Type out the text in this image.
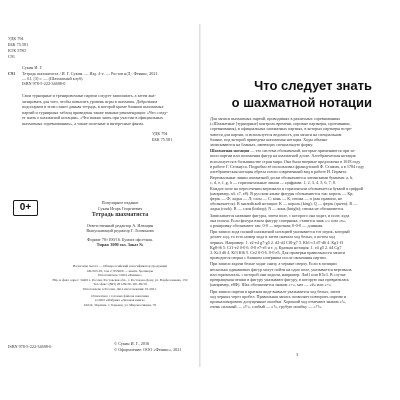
УДК 794
ББК 75.581
КТК 5780
С91
С91
Сукин И. Г.
Тетрадь шахматиста / И. Г. Сукин. — Изд. 4-е. — Ростов н/Д : Феникс, 2021.
— 61, [3] с. — (Шахматный клуб).
ISBN 978-5-222-34698-0
Свои турнирные и тренировочные партии следует записывать, а затем ана-
лизировать для того, чтобы повысить уровень игры в шахматы. Добротным
подспорьем в этом станет данная тетрадь, в которой кроме бланков шахматных
партий и турнирных таблиц приведены также важные рекомендации: «Что следу-
ет знать о шахматной нотации», «Что важно знать при участии в официальных
шахматных соревнованиях», а также полезные и интересные факты.
УДК 794
ББК 75.581
0+	Популярное издание
Сукин Игорь Георгиевич
Тетрадь шахматиста
Ответственный редактор А. Илющин
Выпускающий редактор Г. Логвинова
Формат 70×100/16. Бумага офсетная.
Тираж 3000 экз. Заказ №
Налоговая льгота — Общероссийский классификатор продукции
ОК 005-93, том 2; 953000 — книги, брошюры
Изготовитель: ООО «Феникс»
Юр. и факт. адрес: 344011, Россия, Ростовская обл., г. Ростов-на-Дону, ул. Варфоломеева, 150
Тел./факс: (863) 261-89-50, 261-89-59
Изготовлено в России. Дата изготовления: 01.2021.
Отпечатано с готовых файлов заказчика
в ООО «Фабрика «Деловая книга»
61024, Украина, г. Харьков, ул. Мироносицкая, 79
ISBN 978-5-222-34698-0
© Сукин И. Г., 2016
© Оформление: ООО «Феникс», 2021
Что следует знать
о шахматной нотации
Для записи шахматных партий, проводимых в различных соревнованиях
(«Шахматные [турнирные] контроль времени, игровые партнеры, противники,
соревнования), в официальных шахматных партиях, в которых партнеры встре-
чаются для партии, и используется ведомость для записи на специальном
бланке, под которой приведена шахматная нотация. Ходы обычно
записываются на бланках, имеющих специальную форму.
Шахматная нотация — это система обозначений, которые применяются при за-
писи партии или положения фигур на шахматной доске. Алгебраическая нотация
используется в большинстве стран мира. Она была впервые предложена в 1618 году
в работе Г. Сельнуса. Подробно её использовал французский Ф. Стамма, а в 1784 году
алгебраическая нотация обрела почти современный вид в работе И. Гирвата.
Вертикальные линии шахматной доски обозначаются латинскими буквами: a, b,
c, d, e, f, g, h — горизонтальные линии — цифрами: 1, 2, 3, 4, 5, 6, 7, 8.
Каждое поле на пересечении вертикали и горизонтали обозначается буквой и цифрой
(например, a4, c7, e8). В русском языке фигуры обозначаются так: король — Кр;
ферзь — Ф; ладья — Л; слон — С; конь — К; пешка — п (как правило, не
обозначается). В английской нотации: K — король (king); Q — ферзь (queen); R —
ладья (rook); B — слон (bishop); N — конь (knight); пешка не обозначается.
Записывается название фигуры, затем поле, с которого она ходит, и поле, куда
она пошла. Если фигура взяла фигуру соперника, ставится знак «:» или «x»,
а рокировку обозначают так: 0-0 — короткая; 0-0-0 — длинная.
При записи хода полной шахматной нотацией указывается тот игрок, который
делает ход, то есть номер хода и затем сначала ход белых, а потом ход
черных. Например: 1. e2-e4 g7-g5 2. d2-d4 Сf8-g7 3. Кb1-c3 d7-d6 4. Кg1-f3
Кg8-f6 5. Сf1-e2 0-0 6. 0-0 e7-e5 и т. д. Краткая нотация: 1. e4 g5 2. d4 Сg7
3. Кc3 d6 4. Кf3 Кf6 5. Сe2 0-0 6. 0-0 e5. Для проверки правильности записи
проводится сверка с бланком соперника после окончания партии.
При записи задачи белые ходят снизу, а черные сверху. Если в позиции
несколько одинаковых фигур могут пойти на одно поле, указывается вертикаль
или горизонталь, с которой они ходили, например: Лad1 или К5c3. В случае
превращения пешки в фигуру указывают фигуру, в которую она превратилась
(например, e8Ф). Шах обозначается знаком «+», мат — «#» или «×».
При записи партии в кратком виде вначале указывается ход белых, затем
ход черных через пробел. Правильная запись позволяет повторить партию и
проанализировать допущенные ошибки. Хороший ход отмечают знаком «!»,
очень сильный — «!!», слабый — «?», грубую ошибку — «??».
3
